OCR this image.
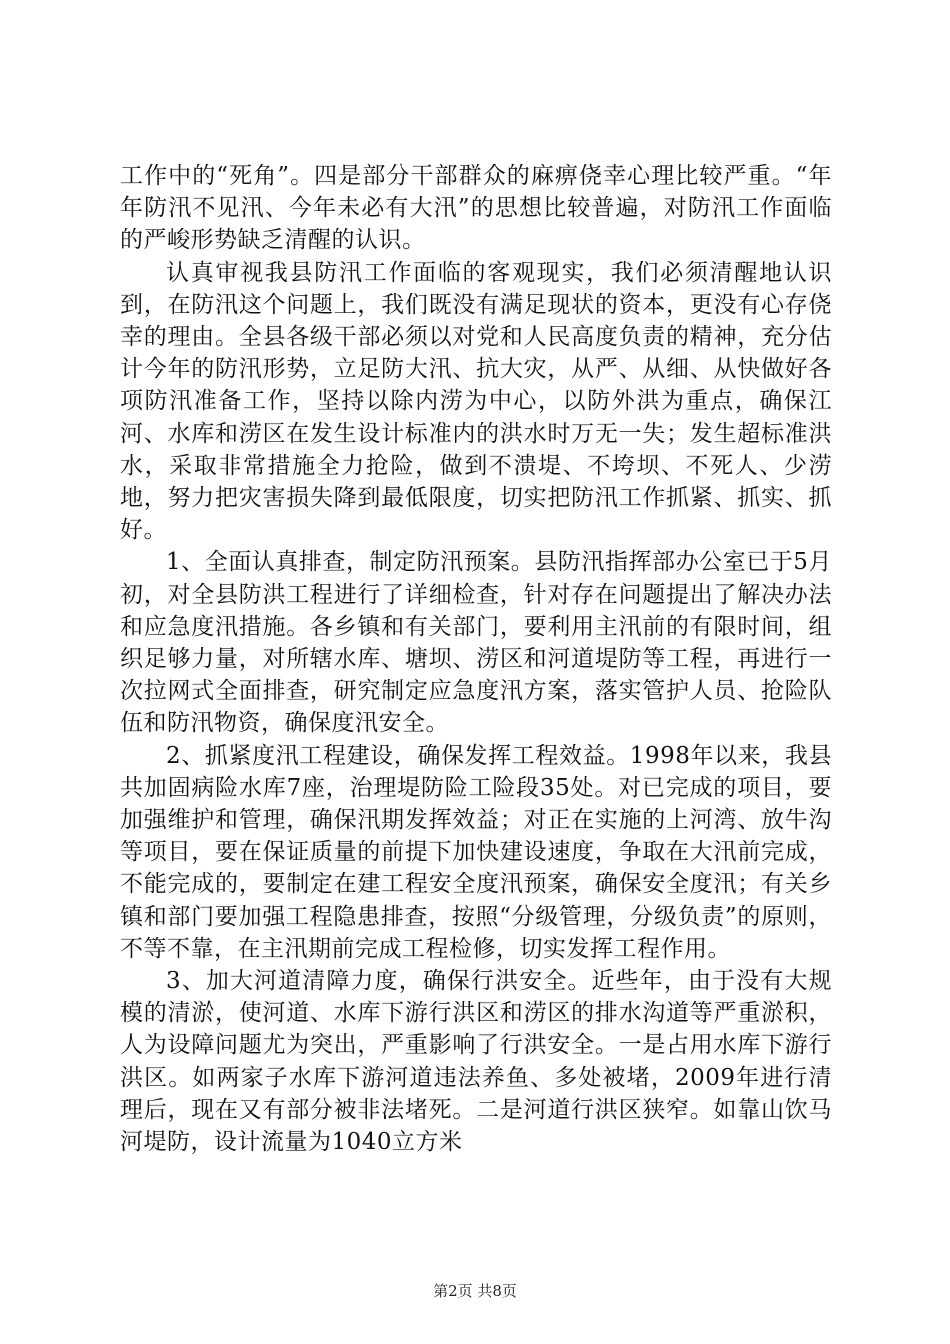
工作中的“死角”。四是部分干部群众的麻痹侥幸心理比较严重。“年年防汛不见汛、今年未必有大汛”的思想比较普遍，对防汛工作面临的严峻形势缺乏清醒的认识。

认真审视我县防汛工作面临的客观现实，我们必须清醒地认识到，在防汛这个问题上，我们既没有满足现状的资本，更没有心存侥幸的理由。全县各级干部必须以对党和人民高度负责的精神，充分估计今年的防汛形势，立足防大汛、抗大灾，从严、从细、从快做好各项防汛准备工作，坚持以除内涝为中心，以防外洪为重点，确保江河、水库和涝区在发生设计标准内的洪水时万无一失；发生超标准洪水，采取非常措施全力抢险，做到不溃堤、不垮坝、不死人、少涝地，努力把灾害损失降到最低限度，切实把防汛工作抓紧、抓实、抓好。

1、全面认真排查，制定防汛预案。县防汛指挥部办公室已于5月初，对全县防洪工程进行了详细检查，针对存在问题提出了解决办法和应急度汛措施。各乡镇和有关部门，要利用主汛前的有限时间，组织足够力量，对所辖水库、塘坝、涝区和河道堤防等工程，再进行一次拉网式全面排查，研究制定应急度汛方案，落实管护人员、抢险队伍和防汛物资，确保度汛安全。

2、抓紧度汛工程建设，确保发挥工程效益。1998年以来，我县共加固病险水库7座，治理堤防险工险段35处。对已完成的项目，要加强维护和管理，确保汛期发挥效益；对正在实施的上河湾、放牛沟等项目，要在保证质量的前提下加快建设速度，争取在大汛前完成，不能完成的，要制定在建工程安全度汛预案，确保安全度汛；有关乡镇和部门要加强工程隐患排查，按照“分级管理，分级负责”的原则，不等不靠，在主汛期前完成工程检修，切实发挥工程作用。

3、加大河道清障力度，确保行洪安全。近些年，由于没有大规模的清淤，使河道、水库下游行洪区和涝区的排水沟道等严重淤积，人为设障问题尤为突出，严重影响了行洪安全。一是占用水库下游行洪区。如两家子水库下游河道违法养鱼、多处被堵，2009年进行清理后，现在又有部分被非法堵死。二是河道行洪区狭窄。如靠山饮马河堤防，设计流量为1040立方米

第2页 共8页
